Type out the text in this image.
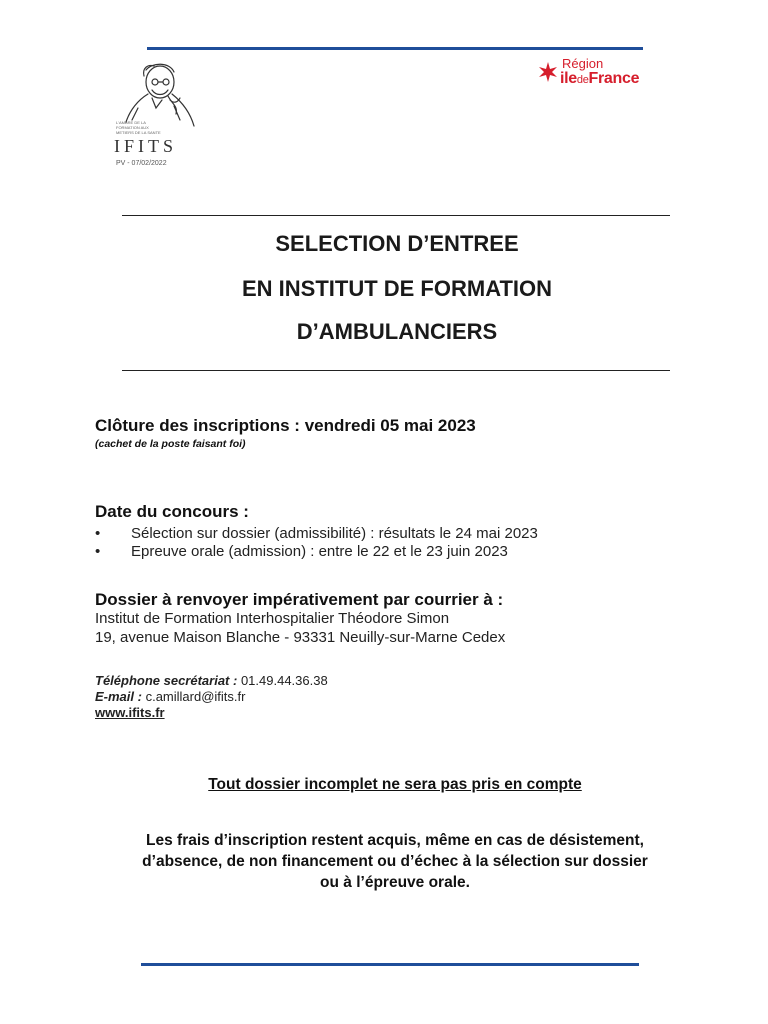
L'AMBRE DE LA FORMATION AUX METIERS DE LA SANTE
IFITS
PV - 07/02/2022
Région
iledeFrance
SELECTION D’ENTREE
EN INSTITUT DE FORMATION
D’AMBULANCIERS
Clôture des inscriptions : vendredi 05 mai 2023
(cachet de la poste faisant foi)
Date du concours :
• Sélection sur dossier (admissibilité) : résultats le 24 mai 2023
• Epreuve orale (admission) : entre le 22 et le 23 juin 2023
Dossier à renvoyer impérativement par courrier à :
Institut de Formation Interhospitalier Théodore Simon
19, avenue Maison Blanche - 93331 Neuilly-sur-Marne Cedex
Téléphone secrétariat : 01.49.44.36.38
E-mail : c.amillard@ifits.fr
www.ifits.fr
Tout dossier incomplet ne sera pas pris en compte
Les frais d’inscription restent acquis, même en cas de désistement,
d’absence, de non financement ou d’échec à la sélection sur dossier
ou à l’épreuve orale.
